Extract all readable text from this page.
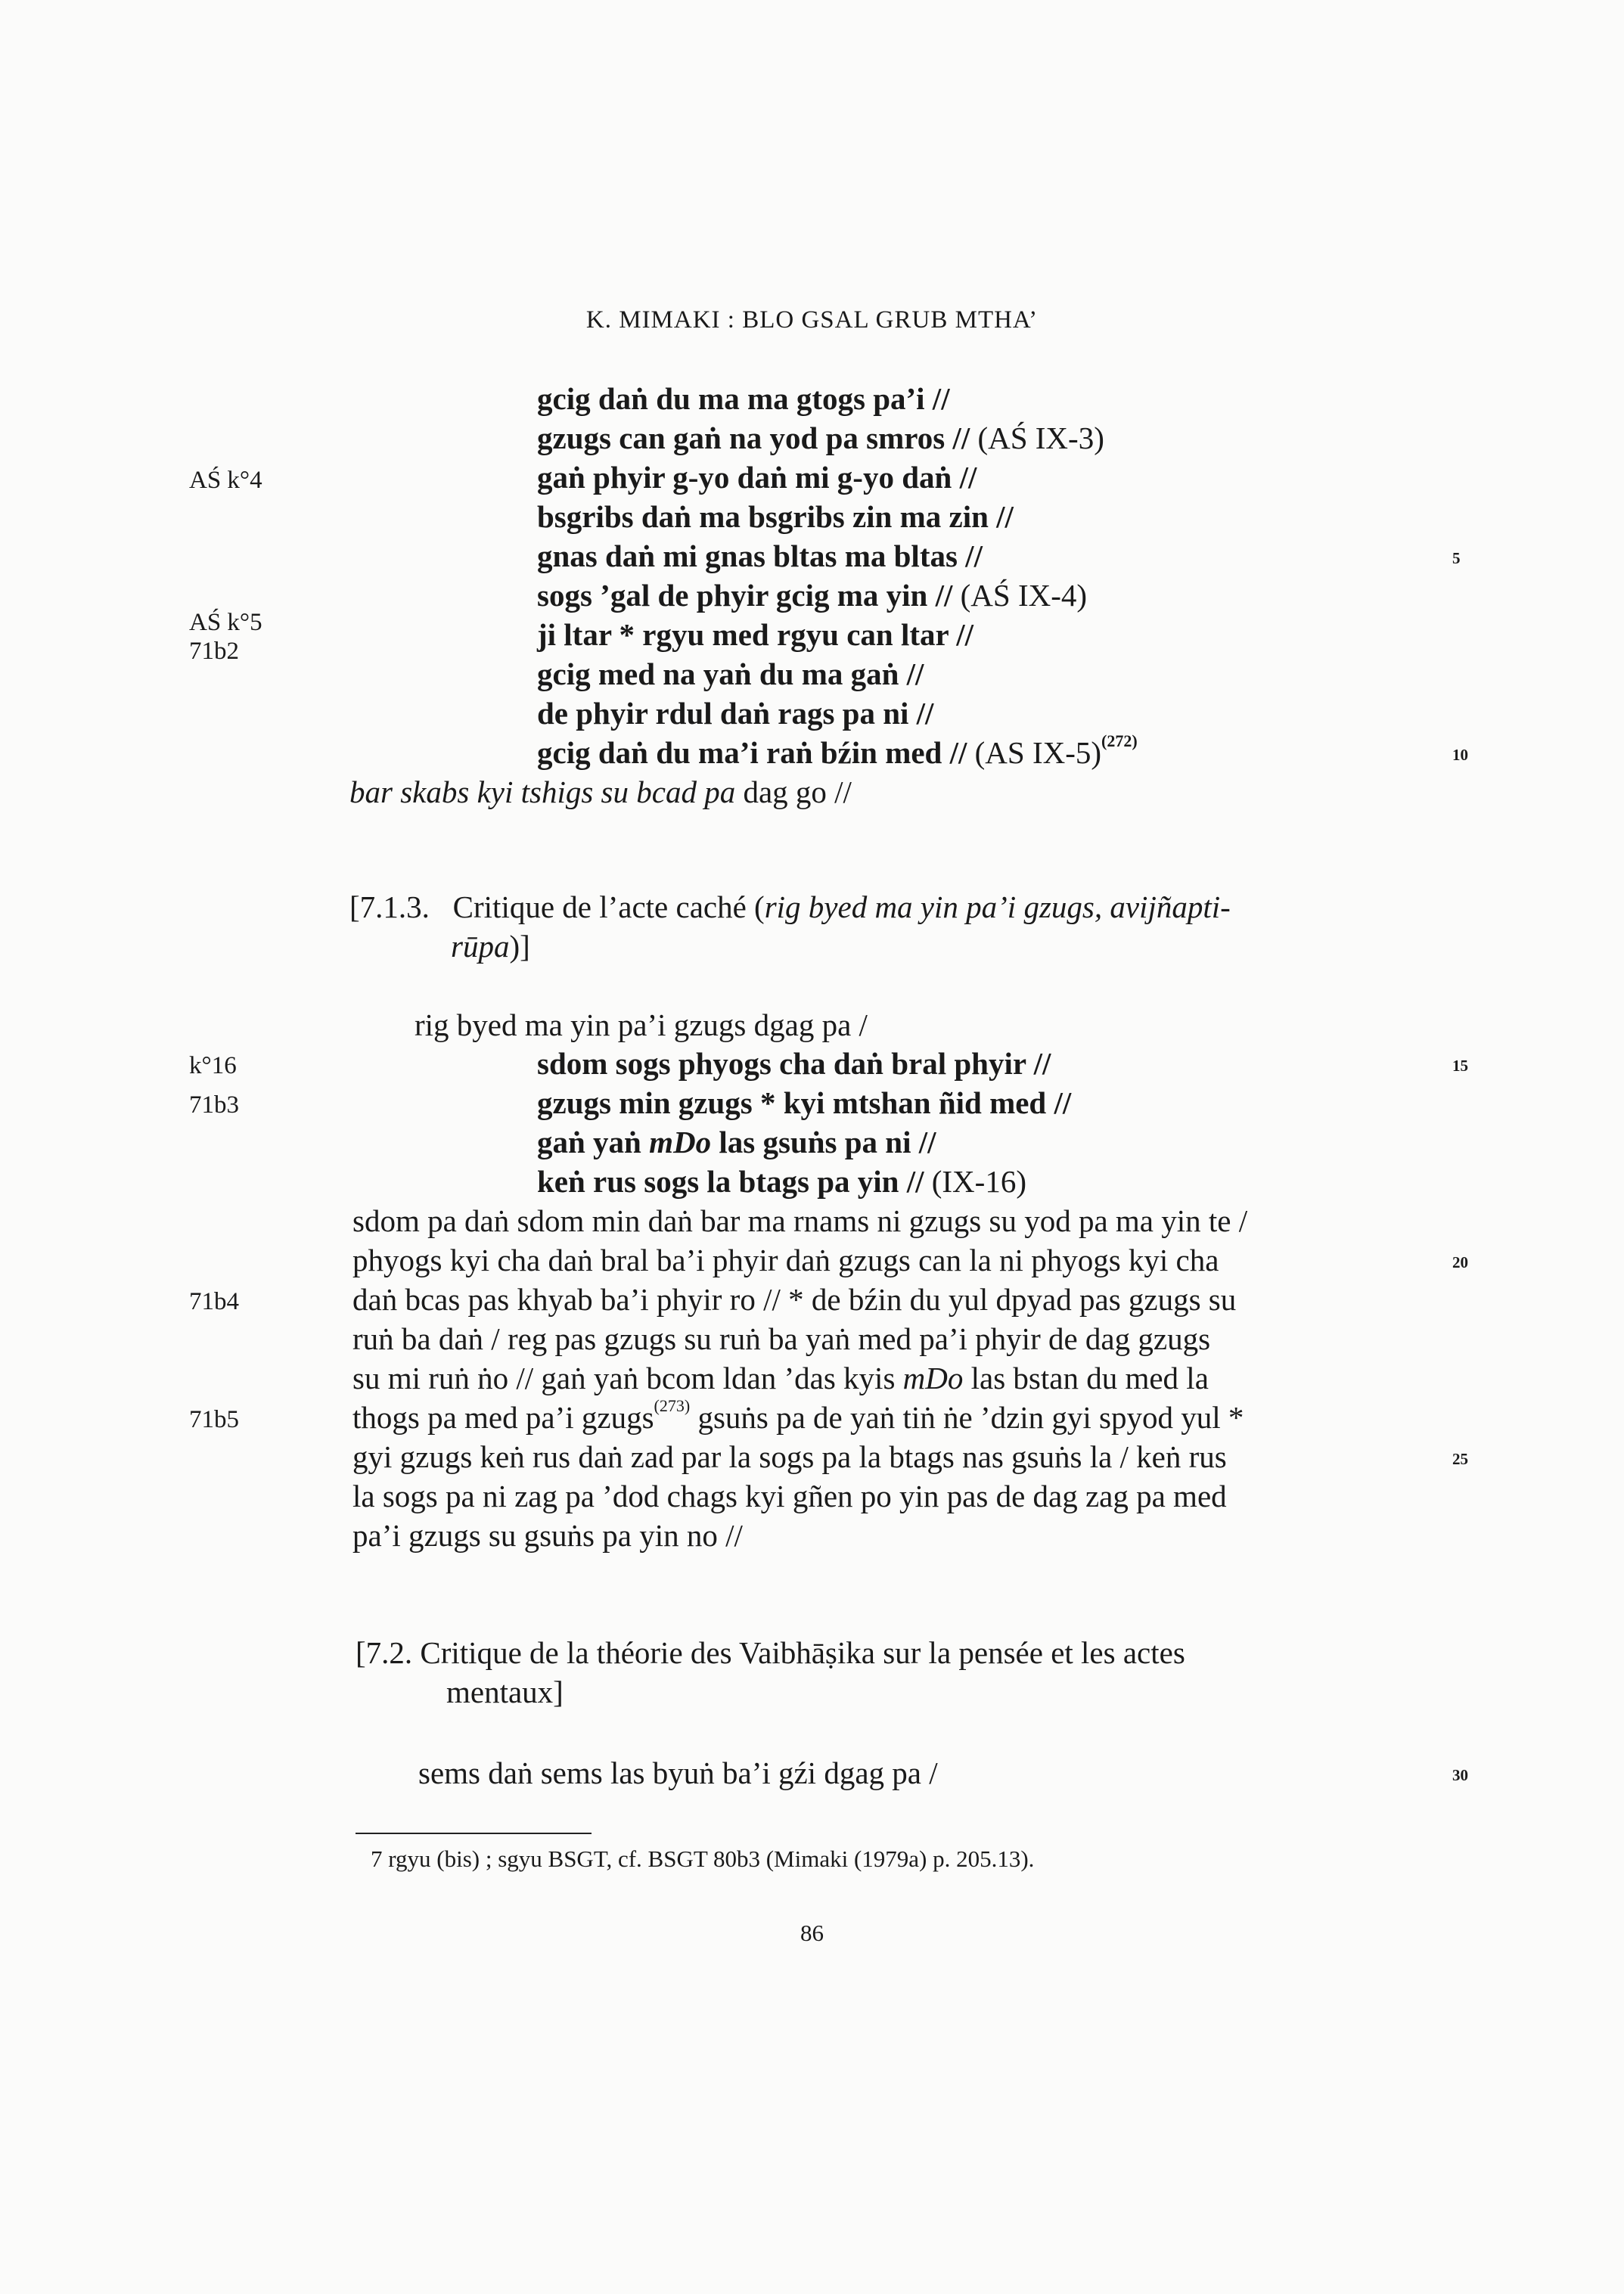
K. MIMAKI : BLO GSAL GRUB MTHA’
gcig daṅ du ma ma gtogs pa’i //
gzugs can gaṅ na yod pa smros // (AŚ IX-3)
gaṅ phyir g-yo daṅ mi g-yo daṅ //
bsgribs daṅ ma bsgribs zin ma zin //
gnas daṅ mi gnas bltas ma bltas //
sogs ’gal de phyir gcig ma yin // (AŚ IX-4)
ji ltar * rgyu med rgyu can ltar //
gcig med na yaṅ du ma gaṅ //
de phyir rdul daṅ rags pa ni //
gcig daṅ du ma’i raṅ bźin med // (AS IX-5)$^{(272)}$
bar skabs kyi tshigs su bcad pa dag go //
[7.1.3. Critique de l’acte caché (rig byed ma yin pa’i gzugs, avijñapti-
rūpa)]
rig byed ma yin pa’i gzugs dgag pa /
sdom sogs phyogs cha daṅ bral phyir //
gzugs min gzugs * kyi mtshan ñid med //
gaṅ yaṅ mDo las gsuṅs pa ni //
keṅ rus sogs la btags pa yin // (IX-16)
sdom pa daṅ sdom min daṅ bar ma rnams ni gzugs su yod pa ma yin te /
phyogs kyi cha daṅ bral ba’i phyir daṅ gzugs can la ni phyogs kyi cha
daṅ bcas pas khyab ba’i phyir ro // * de bźin du yul dpyad pas gzugs su
ruṅ ba daṅ / reg pas gzugs su ruṅ ba yaṅ med pa’i phyir de dag gzugs
su mi ruṅ ṅo // gaṅ yaṅ bcom ldan ’das kyis mDo las bstan du med la
thogs pa med pa’i gzugs$^{(273)}$ gsuṅs pa de yaṅ tiṅ ṅe ’dzin gyi spyod yul *
gyi gzugs keṅ rus daṅ zad par la sogs pa la btags nas gsuṅs la / keṅ rus
la sogs pa ni zag pa ’dod chags kyi gñen po yin pas de dag zag pa med
pa’i gzugs su gsuṅs pa yin no //
[7.2. Critique de la théorie des Vaibhāṣika sur la pensée et les actes
mentaux]
sems daṅ sems las byuṅ ba’i gźi dgag pa /
AŚ k°4
AŚ k°5
71b2
k°16
71b3
71b4
71b5
5
10
15
20
25
30
7 rgyu (bis) ; sgyu BSGT, cf. BSGT 80b3 (Mimaki (1979a) p. 205.13).
86
